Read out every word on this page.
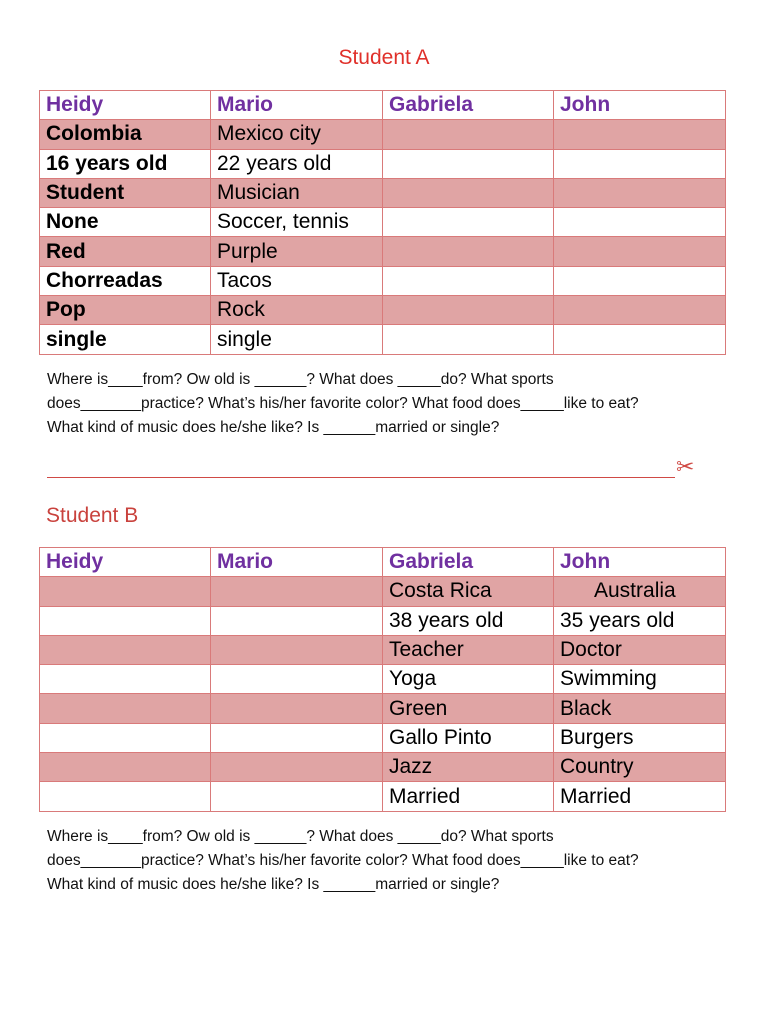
Student A
Heidy	Mario	Gabriela	John
Colombia	Mexico city		
16 years old	22 years old		
Student	Musician		
None	Soccer, tennis		
Red	Purple		
Chorreadas	Tacos		
Pop	Rock		
single	single		
Where is____from? Ow old is ______? What does _____do? What sports
does_______practice? What’s his/her favorite color? What food does_____like to eat?
What kind of music does he/she like? Is ______married or single?
✂
Student B
Heidy	Mario	Gabriela	John
		Costa Rica	Australia
		38 years old	35 years old
		Teacher	Doctor
		Yoga	Swimming
		Green	Black
		Gallo Pinto	Burgers
		Jazz	Country
		Married	Married
Where is____from? Ow old is ______? What does _____do? What sports
does_______practice? What’s his/her favorite color? What food does_____like to eat?
What kind of music does he/she like? Is ______married or single?
